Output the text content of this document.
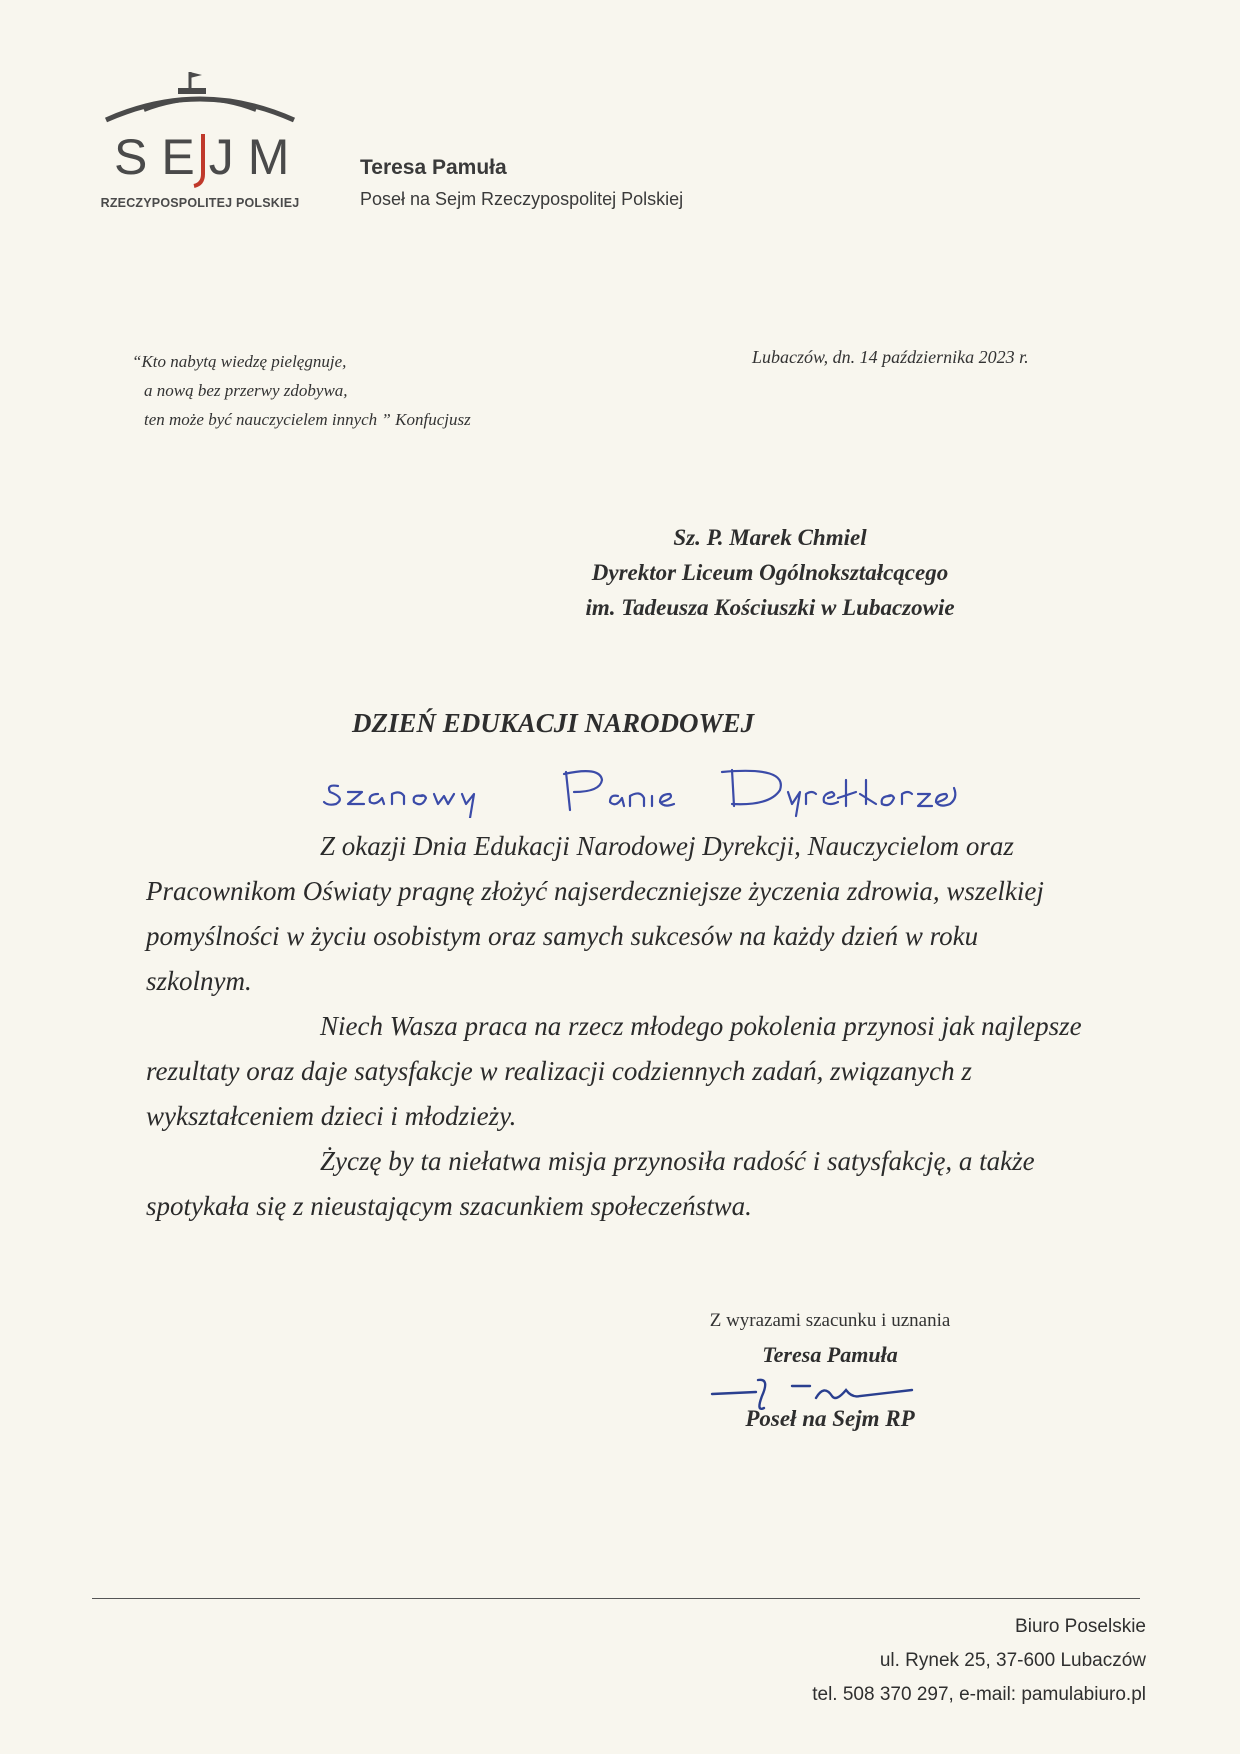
SEJM
RZECZYPOSPOLITEJ POLSKIEJ
Teresa Pamuła
Poseł na Sejm Rzeczypospolitej Polskiej
“Kto nabytą wiedzę pielęgnuje,
a nową bez przerwy zdobywa,
ten może być nauczycielem innych ” Konfucjusz
Lubaczów, dn. 14 października 2023 r.
Sz. P. Marek Chmiel
Dyrektor Liceum Ogólnokształcącego
im. Tadeusza Kościuszki w Lubaczowie
DZIEŃ EDUKACJI NARODOWEJ

Z okazji Dnia Edukacji Narodowej Dyrekcji, Nauczycielom oraz Pracownikom Oświaty pragnę złożyć najserdeczniejsze życzenia zdrowia, wszelkiej pomyślności w życiu osobistym oraz samych sukcesów na każdy dzień w roku szkolnym.

Niech Wasza praca na rzecz młodego pokolenia przynosi jak najlepsze rezultaty oraz daje satysfakcje w realizacji codziennych zadań, związanych z wykształceniem dzieci i młodzieży.

Życzę by ta niełatwa misja przynosiła radość i satysfakcję, a także spotykała się z nieustającym szacunkiem społeczeństwa.

Z wyrazami szacunku i uznania
Teresa Pamuła
Poseł na Sejm RP
Biuro Poselskie
ul. Rynek 25, 37-600 Lubaczów
tel. 508 370 297, e-mail: pamulabiuro.pl
